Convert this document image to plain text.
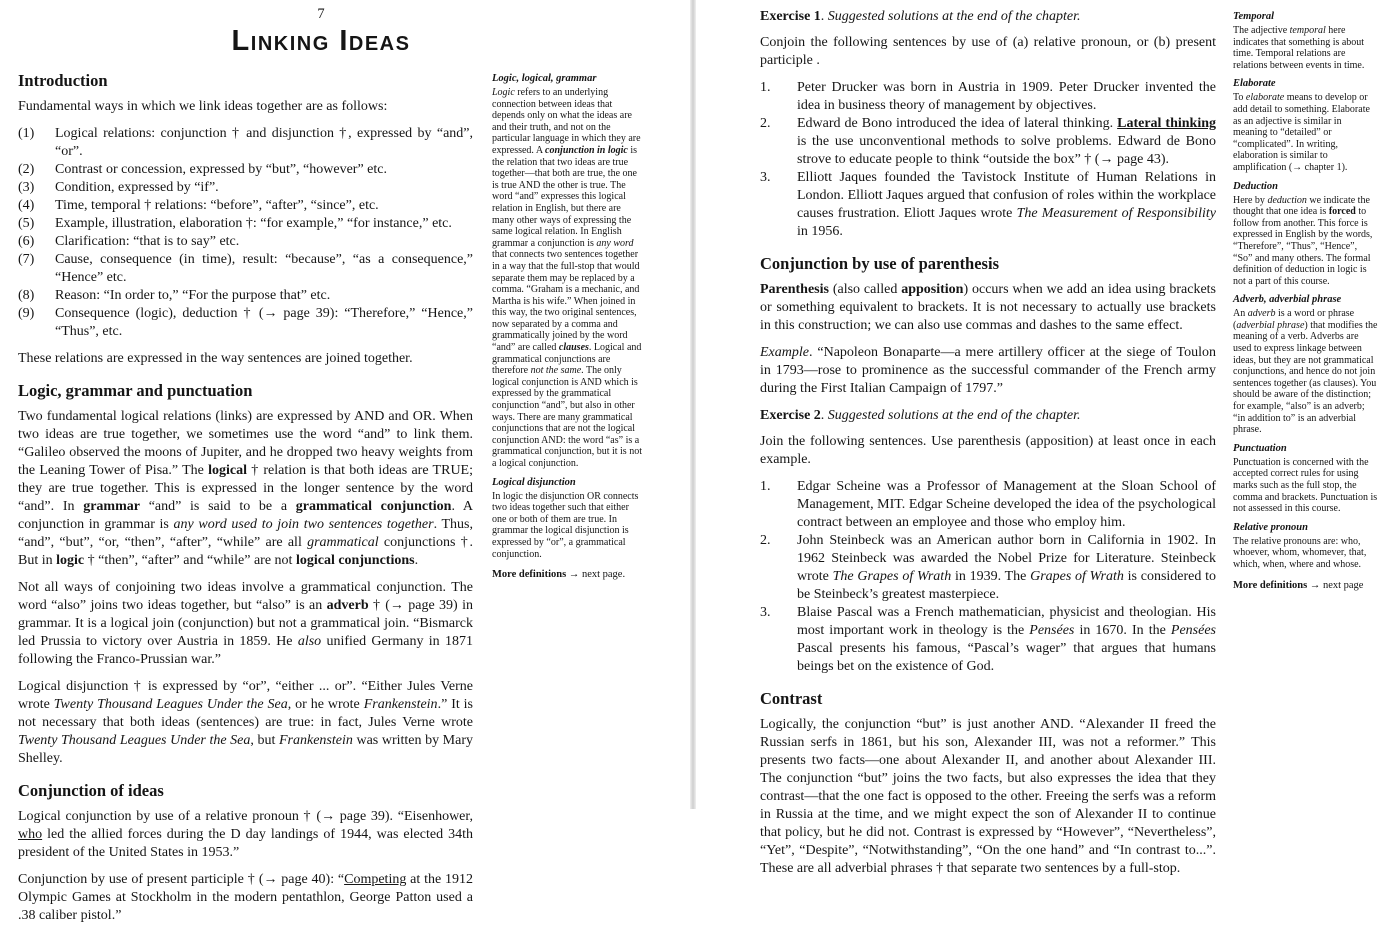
7
Linking Ideas
Introduction

Fundamental ways in which we link ideas together are as follows:

(1)	Logical relations: conjunction † and disjunction †, expressed by “and”, “or”.
(2)	Contrast or concession, expressed by “but”, “however” etc.
(3)	Condition, expressed by “if”.
(4)	Time, temporal † relations: “before”, “after”, “since”, etc.
(5)	Example, illustration, elaboration †: “for example,” “for instance,” etc.
(6)	Clarification: “that is to say” etc.
(7)	Cause, consequence (in time), result: “because”, “as a consequence,” “Hence” etc.
(8)	Reason: “In order to,” “For the purpose that” etc.
(9)	Consequence (logic), deduction † (→ page 39): “Therefore,” “Hence,” “Thus”, etc.

These relations are expressed in the way sentences are joined together.

Logic, grammar and punctuation

Two fundamental logical relations (links) are expressed by AND and OR. When two ideas are true together, we sometimes use the word “and” to link them. “Galileo observed the moons of Jupiter, and he dropped two heavy weights from the Leaning Tower of Pisa.” The logical † relation is that both ideas are TRUE; they are true together. This is expressed in the longer sentence by the word “and”. In grammar “and” is said to be a grammatical conjunction. A conjunction in grammar is any word used to join two sentences together. Thus, “and”, “but”, “or, “then”, “after”, “while” are all grammatical conjunctions †. But in logic † “then”, “after” and “while” are not logical conjunctions.

Not all ways of conjoining two ideas involve a grammatical conjunction. The word “also” joins two ideas together, but “also” is an adverb † (→ page 39) in grammar. It is a logical join (conjunction) but not a grammatical join. “Bismarck led Prussia to victory over Austria in 1859. He also unified Germany in 1871 following the Franco-Prussian war.”

Logical disjunction † is expressed by “or”, “either ... or”. “Either Jules Verne wrote Twenty Thousand Leagues Under the Sea, or he wrote Frankenstein.” It is not necessary that both ideas (sentences) are true: in fact, Jules Verne wrote Twenty Thousand Leagues Under the Sea, but Frankenstein was written by Mary Shelley.

Conjunction of ideas

Logical conjunction by use of a relative pronoun † (→ page 39). “Eisenhower, who led the allied forces during the D day landings of 1944, was elected 34th president of the United States in 1953.”

Conjunction by use of present participle † (→ page 40): “Competing at the 1912 Olympic Games at Stockholm in the modern pentathlon, George Patton used a .38 caliber pistol.”

Logic, logical, grammar

Logic refers to an underlying connection between ideas that depends only on what the ideas are and their truth, and not on the particular language in which they are expressed. A conjunction in logic is the relation that two ideas are true together—that both are true, the one is true AND the other is true. The word “and” expresses this logical relation in English, but there are many other ways of expressing the same logical relation. In English grammar a conjunction is any word that connects two sentences together in a way that the full-stop that would separate them may be replaced by a comma. “Graham is a mechanic, and Martha is his wife.” When joined in this way, the two original sentences, now separated by a comma and grammatically joined by the word “and” are called clauses. Logical and grammatical conjunctions are therefore not the same. The only logical conjunction is AND which is expressed by the grammatical conjunction “and”, but also in other ways. There are many grammatical conjunctions that are not the logical conjunction AND: the word “as” is a grammatical conjunction, but it is not a logical conjunction.

Logical disjunction

In logic the disjunction OR connects two ideas together such that either one or both of them are true. In grammar the logical disjunction is expressed by “or”, a grammatical conjunction.

More definitions → next page.

Exercise 1. Suggested solutions at the end of the chapter.

Conjoin the following sentences by use of (a) relative pronoun, or (b) present participle .

1.	Peter Drucker was born in Austria in 1909. Peter Drucker invented the idea in business theory of management by objectives.
2.	Edward de Bono introduced the idea of lateral thinking. Lateral thinking is the use unconventional methods to solve problems. Edward de Bono strove to educate people to think “outside the box” † (→ page 43).
3.	Elliott Jaques founded the Tavistock Institute of Human Relations in London. Elliott Jaques argued that confusion of roles within the workplace causes frustration. Eliott Jaques wrote The Measurement of Responsibility in 1956.
Conjunction by use of parenthesis

Parenthesis (also called apposition) occurs when we add an idea using brackets or something equivalent to brackets. It is not necessary to actually use brackets in this construction; we can also use commas and dashes to the same effect.

Example. “Napoleon Bonaparte—a mere artillery officer at the siege of Toulon in 1793—rose to prominence as the successful commander of the French army during the First Italian Campaign of 1797.”

Exercise 2. Suggested solutions at the end of the chapter.

Join the following sentences. Use parenthesis (apposition) at least once in each example.

1.	Edgar Scheine was a Professor of Management at the Sloan School of Management, MIT. Edgar Scheine developed the idea of the psychological contract between an employee and those who employ him.
2.	John Steinbeck was an American author born in California in 1902. In 1962 Steinbeck was awarded the Nobel Prize for Literature. Steinbeck wrote The Grapes of Wrath in 1939. The Grapes of Wrath is considered to be Steinbeck’s greatest masterpiece.
3.	Blaise Pascal was a French mathematician, physicist and theologian. His most important work in theology is the Pensées in 1670. In the Pensées Pascal presents his famous, “Pascal’s wager” that argues that humans beings bet on the existence of God.
Contrast

Logically, the conjunction “but” is just another AND. “Alexander II freed the Russian serfs in 1861, but his son, Alexander III, was not a reformer.” This presents two facts—one about Alexander II, and another about Alexander III. The conjunction “but” joins the two facts, but also expresses the idea that they contrast—that the one fact is opposed to the other. Freeing the serfs was a reform in Russia at the time, and we might expect the son of Alexander II to continue that policy, but he did not. Contrast is expressed by “However”, “Nevertheless”, “Yet”, “Despite”, “Notwithstanding”, “On the one hand” and “In contrast to...”. These are all adverbial phrases † that separate two sentences by a full-stop.

Temporal

The adjective temporal here indicates that something is about time. Temporal relations are relations between events in time.

Elaborate

To elaborate means to develop or add detail to something. Elaborate as an adjective is similar in meaning to “detailed” or “complicated”. In writing, elaboration is similar to amplification (→ chapter 1).

Deduction

Here by deduction we indicate the thought that one idea is forced to follow from another. This force is expressed in English by the words, “Therefore”, “Thus”, “Hence”, “So” and many others. The formal definition of deduction in logic is not a part of this course.

Adverb, adverbial phrase

An adverb is a word or phrase (adverbial phrase) that modifies the meaning of a verb. Adverbs are used to express linkage between ideas, but they are not grammatical conjunctions, and hence do not join sentences together (as clauses). You should be aware of the distinction; for example, “also” is an adverb; “in addition to” is an adverbial phrase.

Punctuation

Punctuation is concerned with the accepted correct rules for using marks such as the full stop, the comma and brackets. Punctuation is not assessed in this course.

Relative pronoun

The relative pronouns are: who, whoever, whom, whomever, that, which, when, where and whose.

More definitions → next page
